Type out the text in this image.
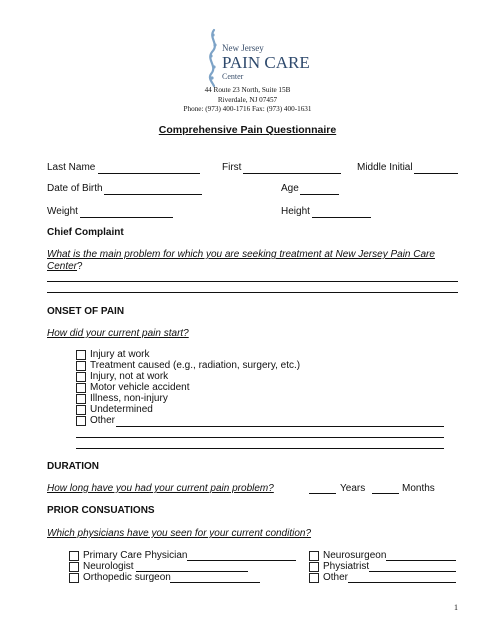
New Jersey
PAIN CARE
Center
44 Route 23 North, Suite 15B
Riverdale, NJ 07457
Phone: (973) 400-1716 Fax: (973) 400-1631
Comprehensive Pain Questionnaire
Last Name	First	Middle Initial
Date of Birth	Age
Weight	Height
Chief Complaint
What is the main problem for which you are seeking treatment at New Jersey Pain Care
Center?
ONSET OF PAIN
How did your current pain start?
Injury at work
Treatment caused (e.g., radiation, surgery, etc.)
Injury, not at work
Motor vehicle accident
Illness, non-injury
Undetermined
Other
DURATION
How long have you had your current pain problem?	Years	Months
PRIOR CONSUATIONS
Which physicians have you seen for your current condition?
Primary Care Physician
Neurologist
Orthopedic surgeon
Neurosurgeon
Physiatrist
Other
1
